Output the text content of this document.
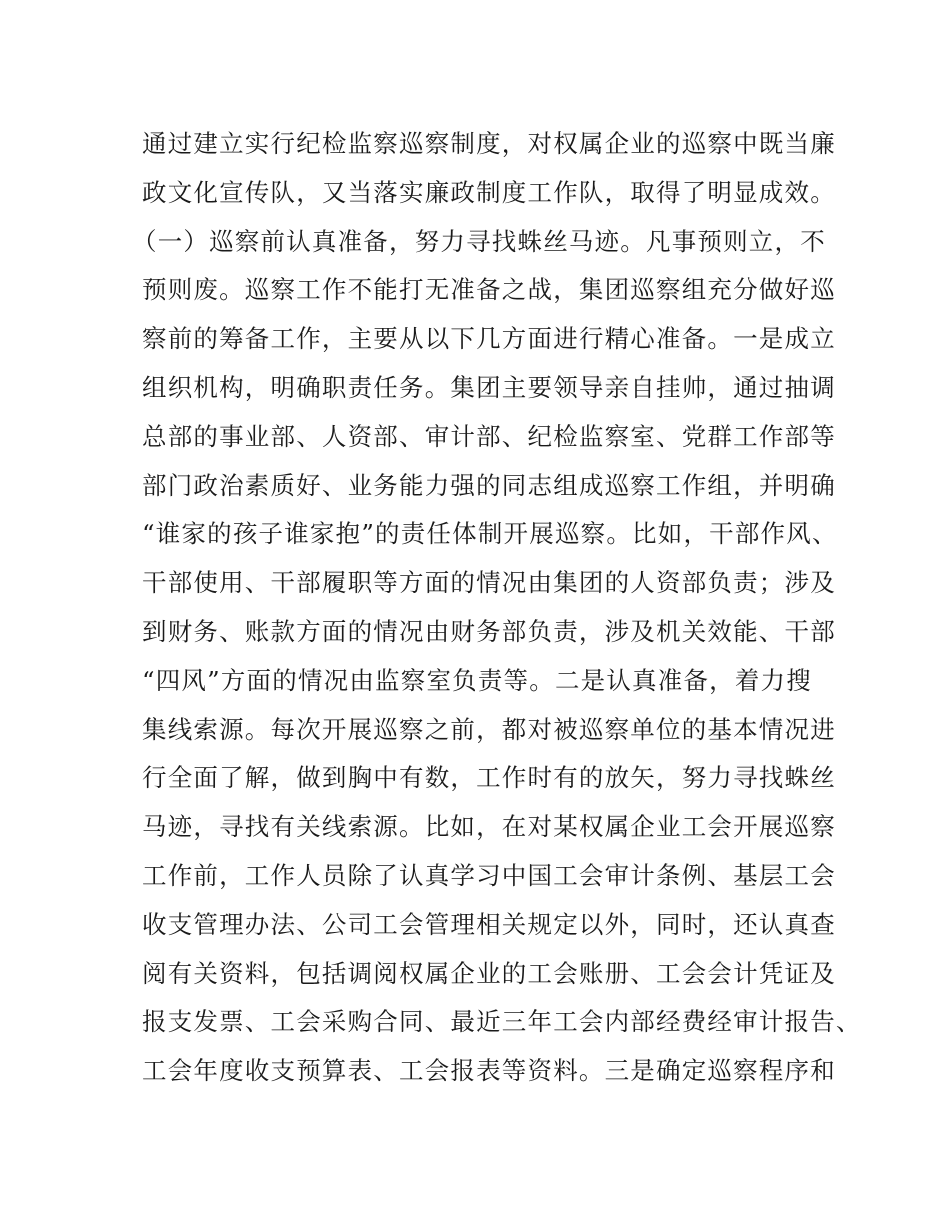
通过建立实行纪检监察巡察制度，对权属企业的巡察中既当廉
政文化宣传队，又当落实廉政制度工作队，取得了明显成效。
（一）巡察前认真准备，努力寻找蛛丝马迹。凡事预则立，不
预则废。巡察工作不能打无准备之战，集团巡察组充分做好巡
察前的筹备工作，主要从以下几方面进行精心准备。一是成立
组织机构，明确职责任务。集团主要领导亲自挂帅，通过抽调
总部的事业部、人资部、审计部、纪检监察室、党群工作部等
部门政治素质好、业务能力强的同志组成巡察工作组，并明确
“谁家的孩子谁家抱”的责任体制开展巡察。比如，干部作风、
干部使用、干部履职等方面的情况由集团的人资部负责；涉及
到财务、账款方面的情况由财务部负责，涉及机关效能、干部
“四风”方面的情况由监察室负责等。二是认真准备，着力搜
集线索源。每次开展巡察之前，都对被巡察单位的基本情况进
行全面了解，做到胸中有数，工作时有的放矢，努力寻找蛛丝
马迹，寻找有关线索源。比如，在对某权属企业工会开展巡察
工作前，工作人员除了认真学习中国工会审计条例、基层工会
收支管理办法、公司工会管理相关规定以外，同时，还认真查
阅有关资料，包括调阅权属企业的工会账册、工会会计凭证及
报支发票、工会采购合同、最近三年工会内部经费经审计报告、
工会年度收支预算表、工会报表等资料。三是确定巡察程序和
